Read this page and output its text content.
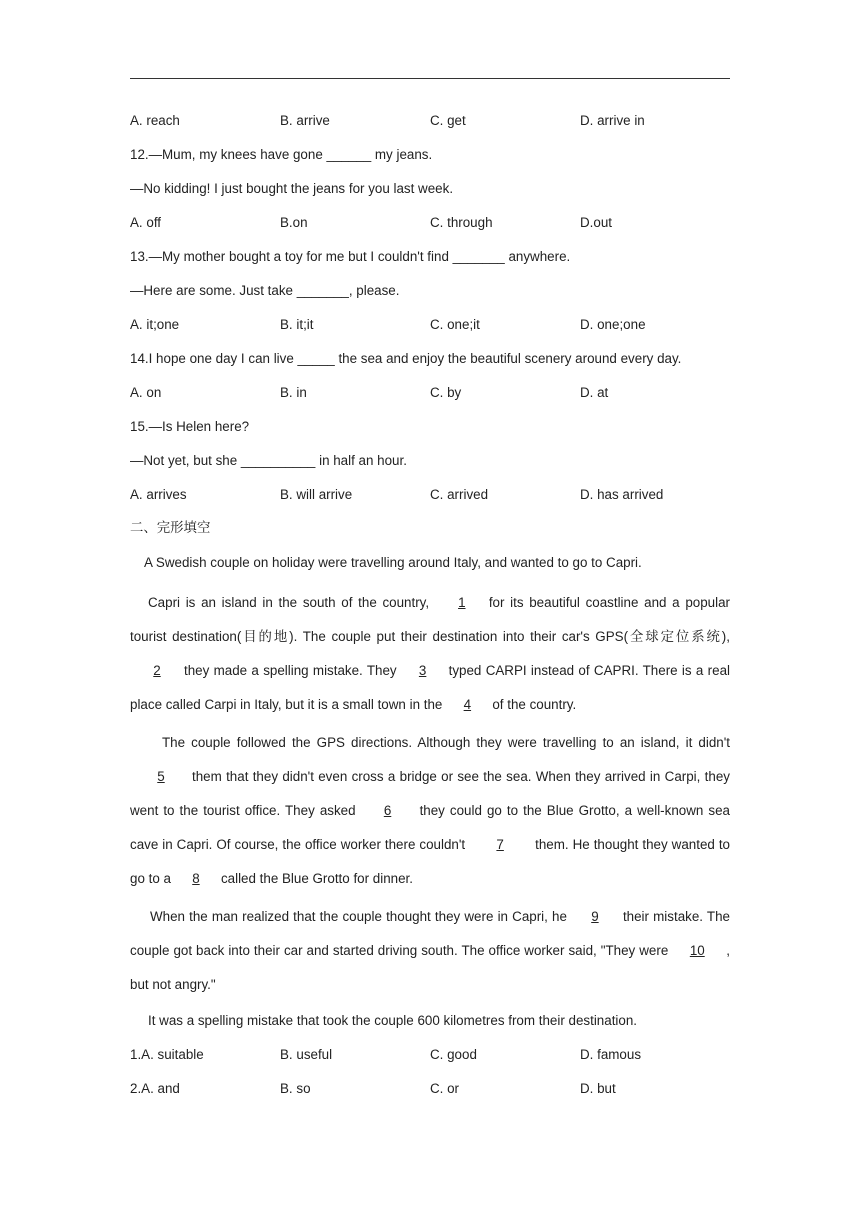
A. reach	B. arrive	C. get	D. arrive in
12.—Mum, my knees have gone ______ my jeans.
—No kidding! I just bought the jeans for you last week.
A. off	B.on	C. through	D.out
13.—My mother bought a toy for me but I couldn't find _______ anywhere.
—Here are some. Just take _______, please.
A. it;one	B. it;it	C. one;it	D. one;one
14.I hope one day I can live _____ the sea and enjoy the beautiful scenery around every day.
A. on	B. in	C. by	D. at
15.—Is Helen here?
—Not yet, but she __________ in half an hour.
A. arrives	B. will arrive	C. arrived	D. has arrived
二、完形填空
A Swedish couple on holiday were travelling around Italy, and wanted to go to Capri.
Capri is an island in the south of the country, 1 for its beautiful coastline and a popular tourist destination(目的地). The couple put their destination into their car's GPS(全球定位系统), 2 they made a spelling mistake. They 3 typed CARPI instead of CAPRI. There is a real place called Carpi in Italy, but it is a small town in the 4 of the country.
The couple followed the GPS directions. Although they were travelling to an island, it didn't5 them that they didn't even cross a bridge or see the sea. When they arrived in Carpi, they went to the tourist office. They asked 6 they could go to the Blue Grotto, a well-known sea cave in Capri. Of course, the office worker there couldn't 7 them. He thought they wanted to go to a 8 called the Blue Grotto for dinner.
When the man realized that the couple thought they were in Capri, he 9 their mistake. The couple got back into their car and started driving south. The office worker said, "They were 10 , but not angry."
It was a spelling mistake that took the couple 600 kilometres from their destination.
1.A. suitable	B. useful	C. good	D. famous
2.A. and	B. so	C. or	D. but
